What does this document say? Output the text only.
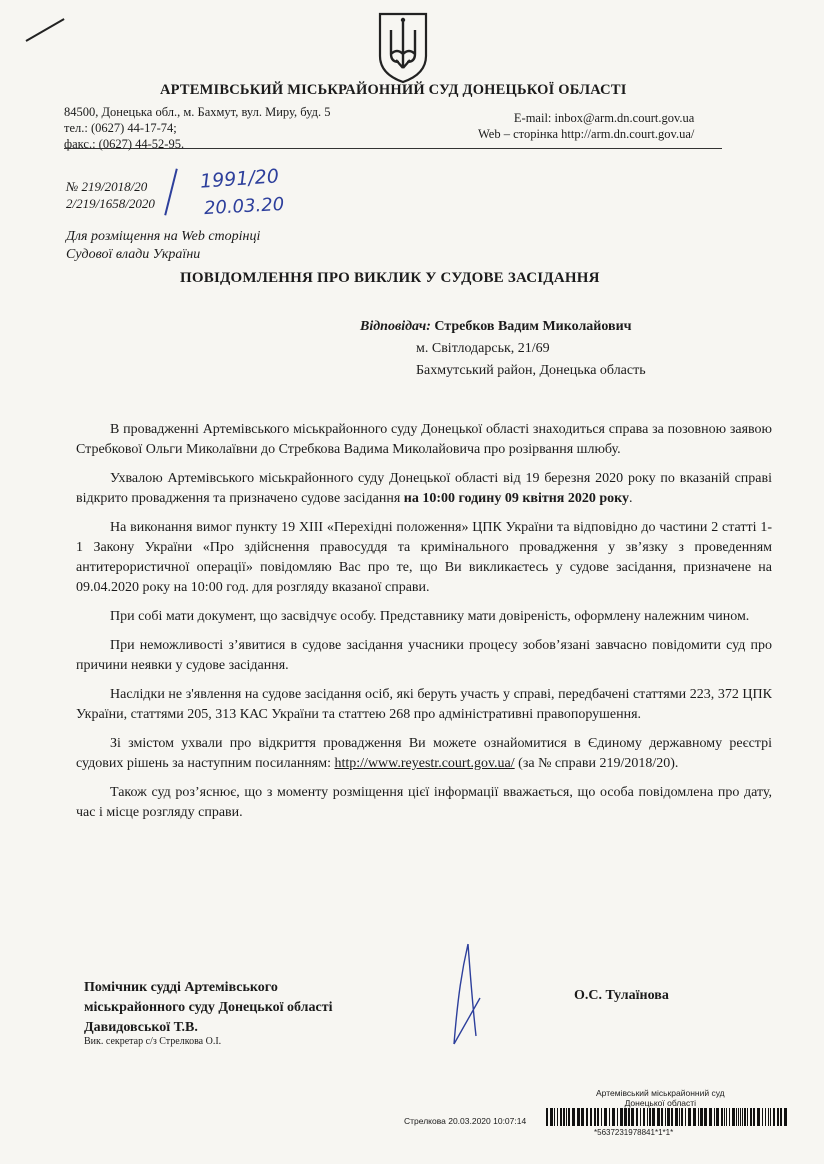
АРТЕМІВСЬКИЙ МІСЬКРАЙОННИЙ СУД ДОНЕЦЬКОЇ ОБЛАСТІ
84500, Донецька обл., м. Бахмут, вул. Миру, буд. 5
тел.: (0627) 44-17-74;
факс.: (0627) 44-52-95.
E-mail: inbox@arm.dn.court.gov.ua
Web – сторінка http://arm.dn.court.gov.ua/
№ 219/2018/20
2/219/1658/2020
1991/20
20.03.20
Для розміщення на Web сторінці
Судової влади України
ПОВІДОМЛЕННЯ ПРО ВИКЛИК У СУДОВЕ ЗАСІДАННЯ
Відповідач: Стребков Вадим Миколайович
м. Світлодарськ, 21/69
Бахмутський район, Донецька область

В провадженні Артемівського міськрайонного суду Донецької області знаходиться справа за позовною заявою Стребкової Ольги Миколаївни до Стребкова Вадима Миколайовича про розірвання шлюбу.

Ухвалою Артемівського міськрайонного суду Донецької області від 19 березня 2020 року по вказаній справі відкрито провадження та призначено судове засідання на 10:00 годину 09 квітня 2020 року.

На виконання вимог пункту 19 XIII «Перехідні положення» ЦПК України та відповідно до частини 2 статті 1-1 Закону України «Про здійснення правосуддя та кримінального провадження у зв’язку з проведенням антитерористичної операції» повідомляю Вас про те, що Ви викликаєтесь у судове засідання, призначене на 09.04.2020 року на 10:00 год. для розгляду вказаної справи.

При собі мати документ, що засвідчує особу. Представнику мати довіреність, оформлену належним чином.

При неможливості з’явитися в судове засідання учасники процесу зобов’язані завчасно повідомити суд про причини неявки у судове засідання.

Наслідки не з'явлення на судове засідання осіб, які беруть участь у справі, передбачені статтями 223, 372 ЦПК України, статтями 205, 313 КАС України та статтею 268 про адміністративні правопорушення.

Зі змістом ухвали про відкриття провадження Ви можете ознайомитися в Єдиному державному реєстрі судових рішень за наступним посиланням: http://www.reyestr.court.gov.ua/ (за № справи 219/2018/20).

Також суд роз’яснює, що з моменту розміщення цієї інформації вважається, що особа повідомлена про дату, час і місце розгляду справи.

Помічник судді Артемівського
міськрайонного суду Донецької області
Давидовської Т.В.
Вик. секретар с/з Стрелкова О.І.
О.С. Тулаїнова
Артемівський міськрайонний суд
Донецької області
Стрелкова 20.03.2020 10:07:14
*5637231978841*1*1*
